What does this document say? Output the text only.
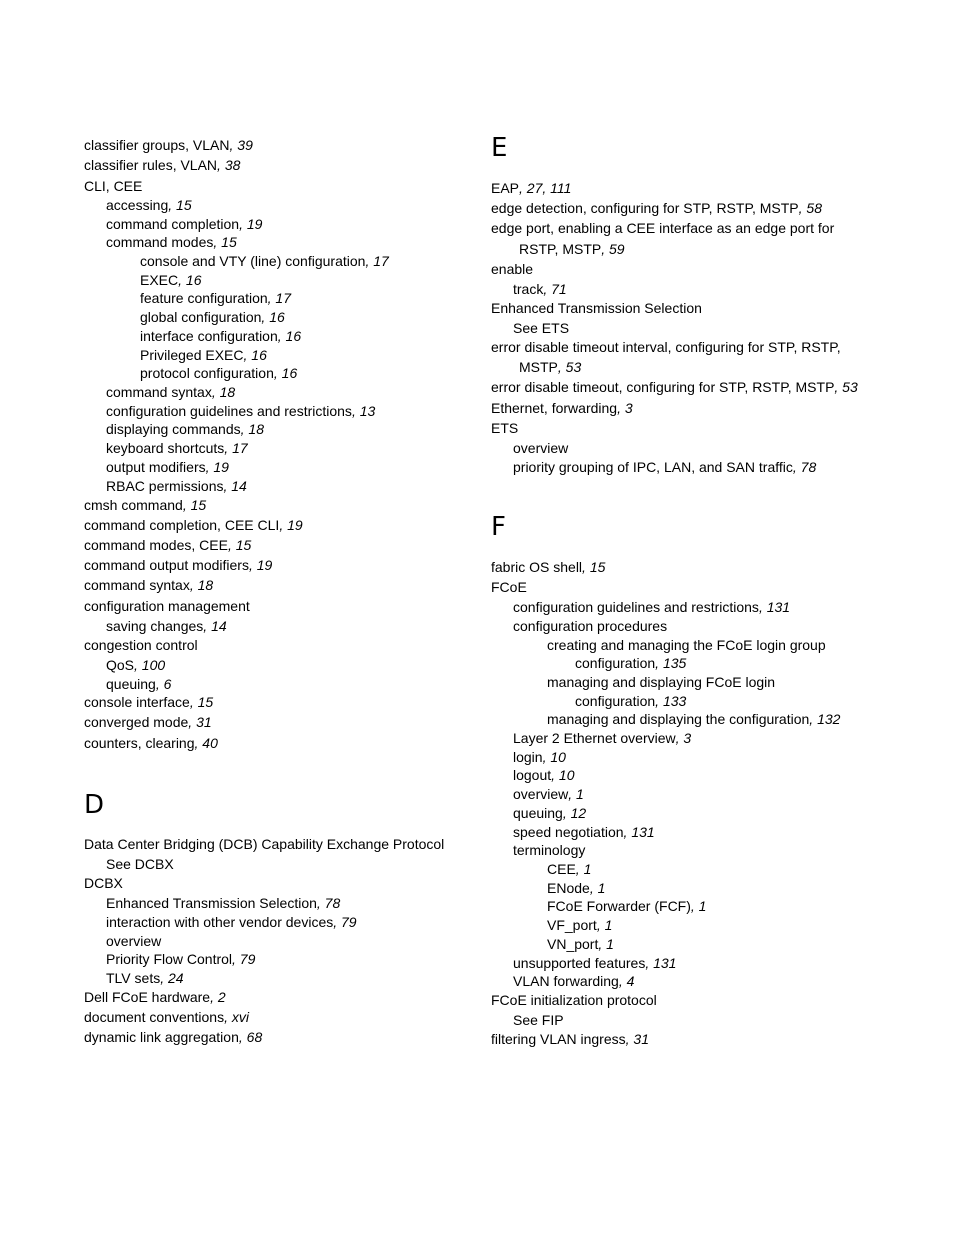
classifier groups, VLAN, 39
classifier rules, VLAN, 38
CLI, CEE
accessing, 15
command completion, 19
command modes, 15
console and VTY (line) configuration, 17
EXEC, 16
feature configuration, 17
global configuration, 16
interface configuration, 16
Privileged EXEC, 16
protocol configuration, 16
command syntax, 18
configuration guidelines and restrictions, 13
displaying commands, 18
keyboard shortcuts, 17
output modifiers, 19
RBAC permissions, 14
cmsh command, 15
command completion, CEE CLI, 19
command modes, CEE, 15
command output modifiers, 19
command syntax, 18
configuration management
saving changes, 14
congestion control
QoS, 100
queuing, 6
console interface, 15
converged mode, 31
counters, clearing, 40
D
Data Center Bridging (DCB) Capability Exchange Protocol
See DCBX
DCBX
Enhanced Transmission Selection, 78
interaction with other vendor devices, 79
overview
Priority Flow Control, 79
TLV sets, 24
Dell FCoE hardware, 2
document conventions, xvi
dynamic link aggregation, 68
E
EAP, 27, 111
edge detection, configuring for STP, RSTP, MSTP, 58
edge port, enabling a CEE interface as an edge port for
RSTP, MSTP, 59
enable
track, 71
Enhanced Transmission Selection
See ETS
error disable timeout interval, configuring for STP, RSTP,
MSTP, 53
error disable timeout, configuring for STP, RSTP, MSTP, 53
Ethernet, forwarding, 3
ETS
overview
priority grouping of IPC, LAN, and SAN traffic, 78
F
fabric OS shell, 15
FCoE
configuration guidelines and restrictions, 131
configuration procedures
creating and managing the FCoE login group
configuration, 135
managing and displaying FCoE login
configuration, 133
managing and displaying the configuration, 132
Layer 2 Ethernet overview, 3
login, 10
logout, 10
overview, 1
queuing, 12
speed negotiation, 131
terminology
CEE, 1
ENode, 1
FCoE Forwarder (FCF), 1
VF_port, 1
VN_port, 1
unsupported features, 131
VLAN forwarding, 4
FCoE initialization protocol
See FIP
filtering VLAN ingress, 31
